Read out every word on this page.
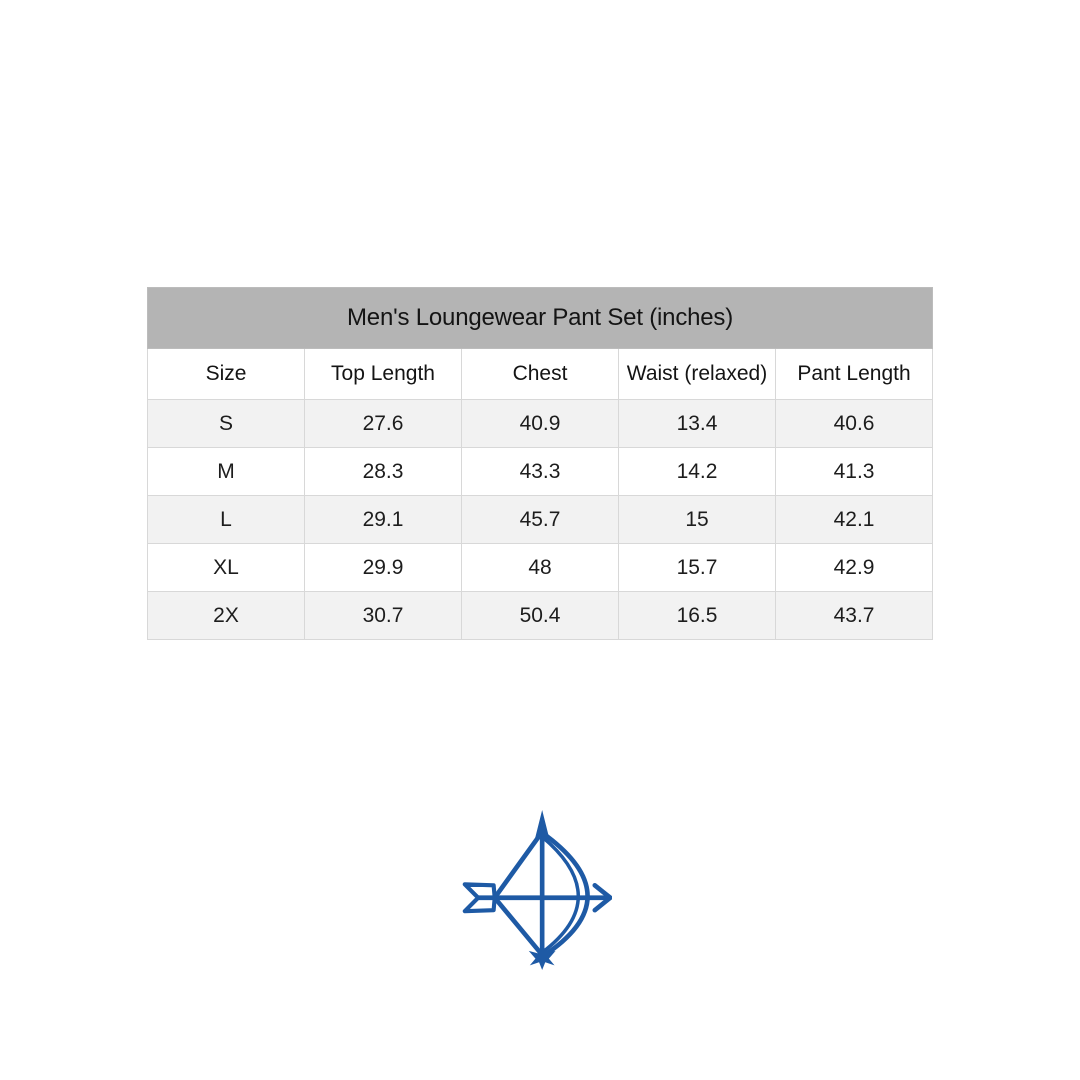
Men's Loungewear Pant Set (inches)				
Size	Top Length	Chest	Waist (relaxed)	Pant Length
S	27.6	40.9	13.4	40.6
M	28.3	43.3	14.2	41.3
L	29.1	45.7	15	42.1
XL	29.9	48	15.7	42.9
2X	30.7	50.4	16.5	43.7
